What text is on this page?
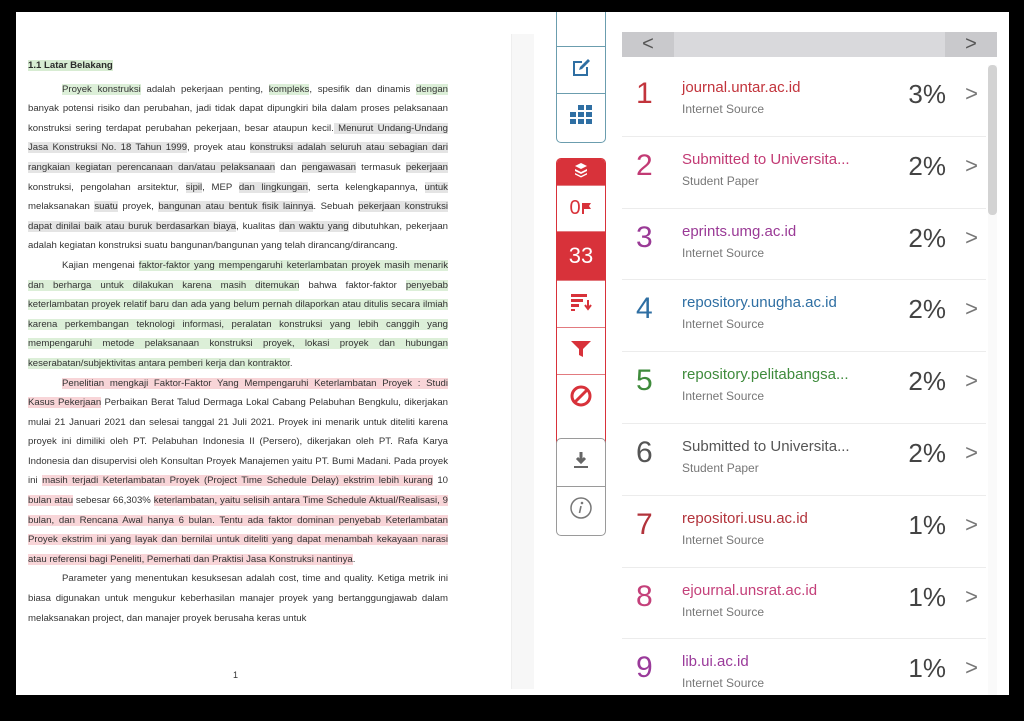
1.1 Latar Belakang

Proyek konstruksi adalah pekerjaan penting, kompleks, spesifik dan dinamis dengan banyak potensi risiko dan perubahan, jadi tidak dapat dipungkiri bila dalam proses pelaksanaan konstruksi sering terdapat perubahan pekerjaan, besar ataupun kecil. Menurut Undang-Undang Jasa Konstruksi No. 18 Tahun 1999, proyek atau konstruksi adalah seluruh atau sebagian dari rangkaian kegiatan perencanaan dan/atau pelaksanaan dan pengawasan termasuk pekerjaan konstruksi, pengolahan arsitektur, sipil, MEP dan lingkungan, serta kelengkapannya, untuk melaksanakan suatu proyek, bangunan atau bentuk fisik lainnya. Sebuah pekerjaan konstruksi dapat dinilai baik atau buruk berdasarkan biaya, kualitas dan waktu yang dibutuhkan, pekerjaan adalah kegiatan konstruksi suatu bangunan/bangunan yang telah dirancang/dirancang.

Kajian mengenai faktor-faktor yang mempengaruhi keterlambatan proyek masih menarik dan berharga untuk dilakukan karena masih ditemukan bahwa faktor-faktor penyebab keterlambatan proyek relatif baru dan ada yang belum pernah dilaporkan atau ditulis secara ilmiah karena perkembangan teknologi informasi, peralatan konstruksi yang lebih canggih yang mempengaruhi metode pelaksanaan konstruksi proyek, lokasi proyek dan hubungan keserabatan/subjektivitas antara pemberi kerja dan kontraktor.

Penelitian mengkaji Faktor-Faktor Yang Mempengaruhi Keterlambatan Proyek : Studi Kasus Pekerjaan Perbaikan Berat Talud Dermaga Lokal Cabang Pelabuhan Bengkulu, dikerjakan mulai 21 Januari 2021 dan selesai tanggal 21 Juli 2021. Proyek ini menarik untuk diteliti karena proyek ini dimiliki oleh PT. Pelabuhan Indonesia II (Persero), dikerjakan oleh PT. Rafa Karya Indonesia dan disupervisi oleh Konsultan Proyek Manajemen yaitu PT. Bumi Madani. Pada proyek ini masih terjadi Keterlambatan Proyek (Project Time Schedule Delay) ekstrim lebih kurang 10 bulan atau sebesar 66,303% keterlambatan, yaitu selisih antara Time Schedule Aktual/Realisasi, 9 bulan, dan Rencana Awal hanya 6 bulan. Tentu ada faktor dominan penyebab Keterlambatan Proyek ekstrim ini yang layak dan bernilai untuk diteliti yang dapat menambah kekayaan narasi atau referensi bagi Peneliti, Pemerhati dan Praktisi Jasa Konstruksi nantinya.

Parameter yang menentukan kesuksesan adalah cost, time and quality. Ketiga metrik ini biasa digunakan untuk mengukur keberhasilan manajer proyek yang bertanggungjawab dalam melaksanakan project, dan manajer proyek berusaha keras untuk

1
0
33
<	>
1 journal.untar.ac.id
Internet Source	3% >
2 Submitted to Universita...
Student Paper	2% >
3 eprints.umg.ac.id
Internet Source	2% >
4 repository.unugha.ac.id
Internet Source	2% >
5 repository.pelitabangsa...
Internet Source	2% >
6 Submitted to Universita...
Student Paper	2% >
7 repositori.usu.ac.id
Internet Source	1% >
8 ejournal.unsrat.ac.id
Internet Source	1% >
9 lib.ui.ac.id
Internet Source	1% >
